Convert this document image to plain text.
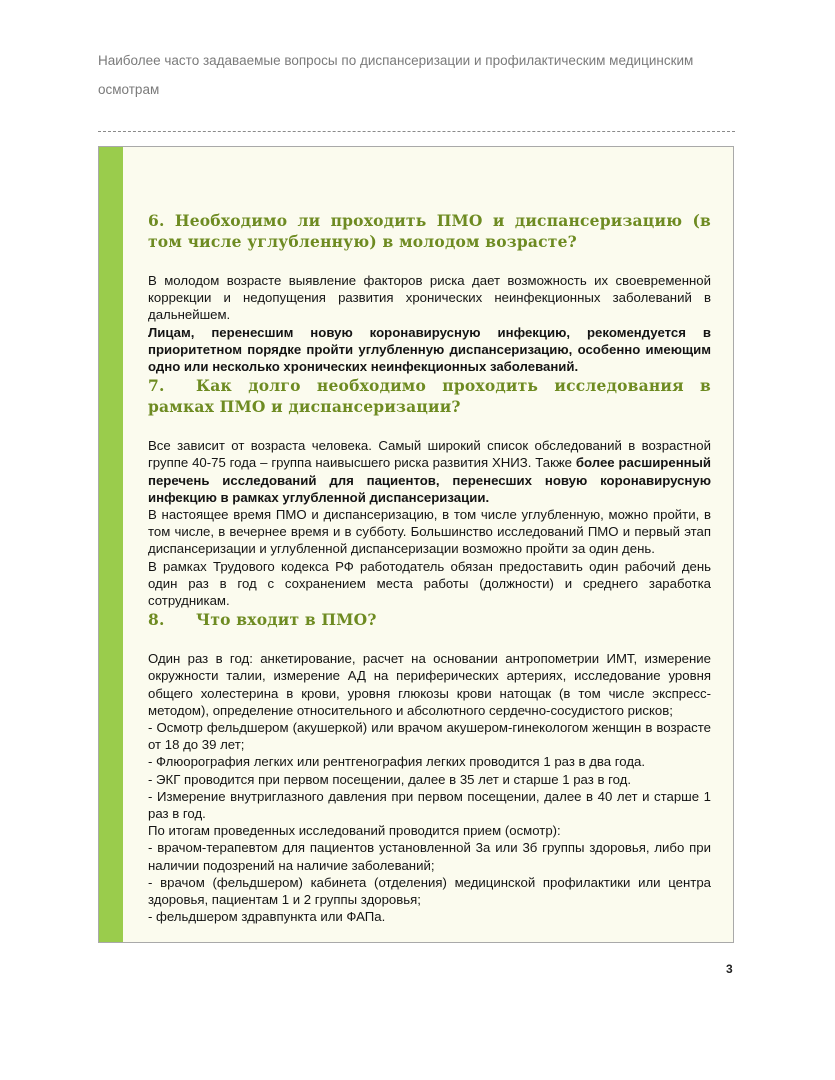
Наиболее часто задаваемые вопросы по диспансеризации и профилактическим медицинским осмотрам
6. Необходимо ли проходить ПМО и диспансеризацию (в том числе углубленную) в молодом возрасте?

В молодом возрасте выявление факторов риска дает возможность их своевременной коррекции и недопущения развития хронических неинфекционных заболеваний в дальнейшем.

Лицам, перенесшим новую коронавирусную инфекцию, рекомендуется в приоритетном порядке пройти углубленную диспансеризацию, особенно имеющим одно или несколько хронических неинфекционных заболеваний.

7. Как долго необходимо проходить исследования в рамках ПМО и диспансеризации?

Все зависит от возраста человека. Самый широкий список обследований в возрастной группе 40-75 года – группа наивысшего риска развития ХНИЗ. Также более расширенный перечень исследований для пациентов, перенесших новую коронавирусную инфекцию в рамках углубленной диспансеризации.

В настоящее время ПМО и диспансеризацию, в том числе углубленную, можно пройти, в том числе, в вечернее время и в субботу. Большинство исследований ПМО и первый этап диспансеризации и углубленной диспансеризации возможно пройти за один день.

В рамках Трудового кодекса РФ работодатель обязан предоставить один рабочий день один раз в год с сохранением места работы (должности) и среднего заработка сотрудникам.

8. Что входит в ПМО?

Один раз в год: анкетирование, расчет на основании антропометрии ИМТ, измерение окружности талии, измерение АД на периферических артериях, исследование уровня общего холестерина в крови, уровня глюкозы крови натощак (в том числе экспресс-методом), определение относительного и абсолютного сердечно-сосудистого рисков;

- Осмотр фельдшером (акушеркой) или врачом акушером-гинекологом женщин в возрасте от 18 до 39 лет;

- Флюорография легких или рентгенография легких проводится 1 раз в два года.

- ЭКГ проводится при первом посещении, далее в 35 лет и старше 1 раз в год.

- Измерение внутриглазного давления при первом посещении, далее в 40 лет и старше 1 раз в год.

По итогам проведенных исследований проводится прием (осмотр):

- врачом-терапевтом для пациентов установленной 3а или 3б группы здоровья, либо при наличии подозрений на наличие заболеваний;

- врачом (фельдшером) кабинета (отделения) медицинской профилактики или центра здоровья, пациентам 1 и 2 группы здоровья;

- фельдшером здравпункта или ФАПа.

3
